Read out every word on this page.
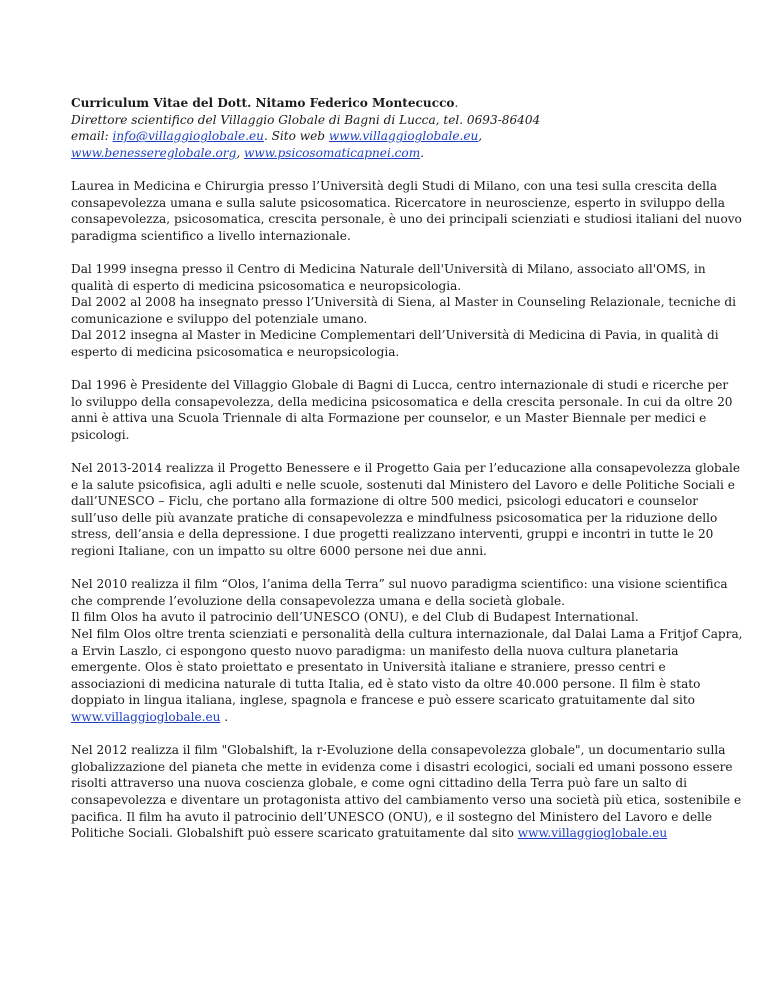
Curriculum Vitae del Dott. Nitamo Federico Montecucco.
Direttore scientifico del Villaggio Globale di Bagni di Lucca, tel. 0693-86404
email: info@villaggioglobale.eu. Sito web www.villaggioglobale.eu,
www.benessereglobale.org, www.psicosomaticapnei.com.

Laurea in Medicina e Chirurgia presso l’Università degli Studi di Milano, con una tesi sulla crescita della consapevolezza umana e sulla salute psicosomatica. Ricercatore in neuroscienze, esperto in sviluppo della consapevolezza, psicosomatica, crescita personale, è uno dei principali scienziati e studiosi italiani del nuovo paradigma scientifico a livello internazionale.

Dal 1999 insegna presso il Centro di Medicina Naturale dell'Università di Milano, associato all'OMS, in qualità di esperto di medicina psicosomatica e neuropsicologia.

Dal 2002 al 2008 ha insegnato presso l’Università di Siena, al Master in Counseling Relazionale, tecniche di comunicazione e sviluppo del potenziale umano.

Dal 2012 insegna al Master in Medicine Complementari dell’Università di Medicina di Pavia, in qualità di esperto di medicina psicosomatica e neuropsicologia.

Dal 1996 è Presidente del Villaggio Globale di Bagni di Lucca, centro internazionale di studi e ricerche per lo sviluppo della consapevolezza, della medicina psicosomatica e della crescita personale. In cui da oltre 20 anni è attiva una Scuola Triennale di alta Formazione per counselor, e un Master Biennale per medici e psicologi.

Nel 2013-2014 realizza il Progetto Benessere e il Progetto Gaia per l’educazione alla consapevolezza globale e la salute psicofisica, agli adulti e nelle scuole, sostenuti dal Ministero del Lavoro e delle Politiche Sociali e dall’UNESCO – Ficlu, che portano alla formazione di oltre 500 medici, psicologi educatori e counselor sull’uso delle più avanzate pratiche di consapevolezza e mindfulness psicosomatica per la riduzione dello stress, dell’ansia e della depressione. I due progetti realizzano interventi, gruppi e incontri in tutte le 20 regioni Italiane, con un impatto su oltre 6000 persone nei due anni.

Nel 2010 realizza il film “Olos, l’anima della Terra” sul nuovo paradigma scientifico: una visione scientifica che comprende l’evoluzione della consapevolezza umana e della società globale.

Il film Olos ha avuto il patrocinio dell’UNESCO (ONU), e del Club di Budapest International.

Nel film Olos oltre trenta scienziati e personalità della cultura internazionale, dal Dalai Lama a Fritjof Capra, a Ervin Laszlo, ci espongono questo nuovo paradigma: un manifesto della nuova cultura planetaria emergente. Olos è stato proiettato e presentato in Università italiane e straniere, presso centri e associazioni di medicina naturale di tutta Italia, ed è stato visto da oltre 40.000 persone. Il film è stato doppiato in lingua italiana, inglese, spagnola e francese e può essere scaricato gratuitamente dal sito www.villaggioglobale.eu .

Nel 2012 realizza il film "Globalshift, la r-Evoluzione della consapevolezza globale", un documentario sulla globalizzazione del pianeta che mette in evidenza come i disastri ecologici, sociali ed umani possono essere risolti attraverso una nuova coscienza globale, e come ogni cittadino della Terra può fare un salto di consapevolezza e diventare un protagonista attivo del cambiamento verso una società più etica, sostenibile e pacifica. Il film ha avuto il patrocinio dell’UNESCO (ONU), e il sostegno del Ministero del Lavoro e delle Politiche Sociali. Globalshift può essere scaricato gratuitamente dal sito www.villaggioglobale.eu
